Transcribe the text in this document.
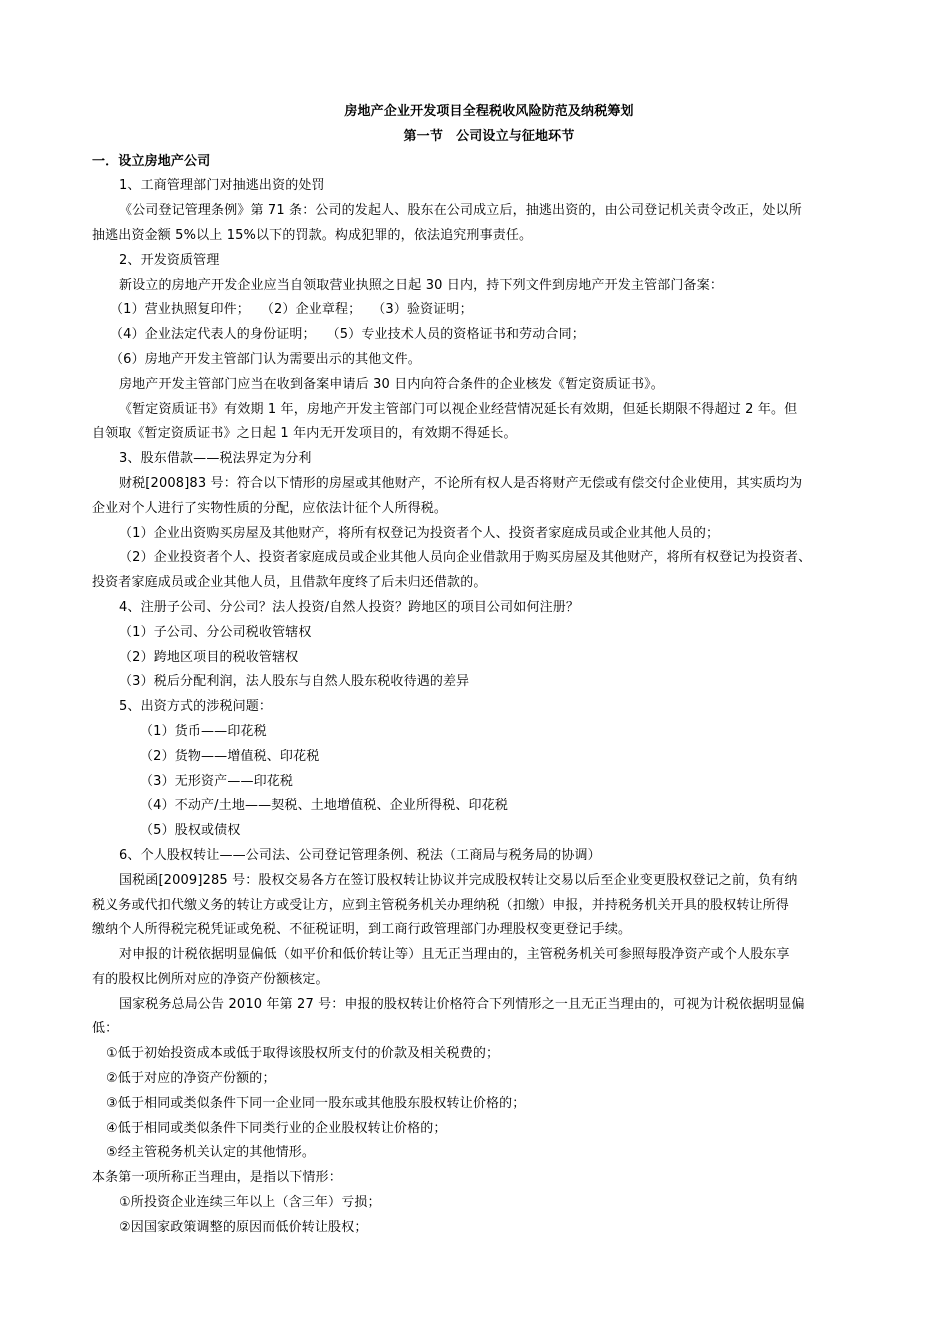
房地产企业开发项目全程税收风险防范及纳税筹划
第一节　公司设立与征地环节
一．设立房地产公司
1、工商管理部门对抽逃出资的处罚
《公司登记管理条例》第 71 条：公司的发起人、股东在公司成立后，抽逃出资的，由公司登记机关责令改正，处以所
抽逃出资金额 5%以上 15%以下的罚款。构成犯罪的，依法追究刑事责任。
2、开发资质管理
新设立的房地产开发企业应当自领取营业执照之日起 30 日内，持下列文件到房地产开发主管部门备案：
（1）营业执照复印件；　 （2）企业章程；　 （3）验资证明；
（4）企业法定代表人的身份证明；　 （5）专业技术人员的资格证书和劳动合同；
（6）房地产开发主管部门认为需要出示的其他文件。
房地产开发主管部门应当在收到备案申请后 30 日内向符合条件的企业核发《暂定资质证书》。
《暂定资质证书》有效期 1 年，房地产开发主管部门可以视企业经营情况延长有效期，但延长期限不得超过 2 年。但
自领取《暂定资质证书》之日起 1 年内无开发项目的，有效期不得延长。
3、股东借款——税法界定为分利
财税[2008]83 号：符合以下情形的房屋或其他财产，不论所有权人是否将财产无偿或有偿交付企业使用，其实质均为
企业对个人进行了实物性质的分配，应依法计征个人所得税。
（1）企业出资购买房屋及其他财产，将所有权登记为投资者个人、投资者家庭成员或企业其他人员的；
（2）企业投资者个人、投资者家庭成员或企业其他人员向企业借款用于购买房屋及其他财产，将所有权登记为投资者、
投资者家庭成员或企业其他人员，且借款年度终了后未归还借款的。
4、注册子公司、分公司？法人投资/自然人投资？跨地区的项目公司如何注册？
（1）子公司、分公司税收管辖权
（2）跨地区项目的税收管辖权
（3）税后分配利润，法人股东与自然人股东税收待遇的差异
5、出资方式的涉税问题：
（1）货币——印花税
（2）货物——增值税、印花税
（3）无形资产——印花税
（4）不动产/土地——契税、土地增值税、企业所得税、印花税
（5）股权或债权
6、个人股权转让——公司法、公司登记管理条例、税法（工商局与税务局的协调）
国税函[2009]285 号：股权交易各方在签订股权转让协议并完成股权转让交易以后至企业变更股权登记之前，负有纳
税义务或代扣代缴义务的转让方或受让方，应到主管税务机关办理纳税（扣缴）申报，并持税务机关开具的股权转让所得
缴纳个人所得税完税凭证或免税、不征税证明，到工商行政管理部门办理股权变更登记手续。
对申报的计税依据明显偏低（如平价和低价转让等）且无正当理由的，主管税务机关可参照每股净资产或个人股东享
有的股权比例所对应的净资产份额核定。
国家税务总局公告 2010 年第 27 号：申报的股权转让价格符合下列情形之一且无正当理由的，可视为计税依据明显偏
低：
①低于初始投资成本或低于取得该股权所支付的价款及相关税费的；
②低于对应的净资产份额的；
③低于相同或类似条件下同一企业同一股东或其他股东股权转让价格的；
④低于相同或类似条件下同类行业的企业股权转让价格的；
⑤经主管税务机关认定的其他情形。
本条第一项所称正当理由，是指以下情形：
①所投资企业连续三年以上（含三年）亏损；
②因国家政策调整的原因而低价转让股权；
